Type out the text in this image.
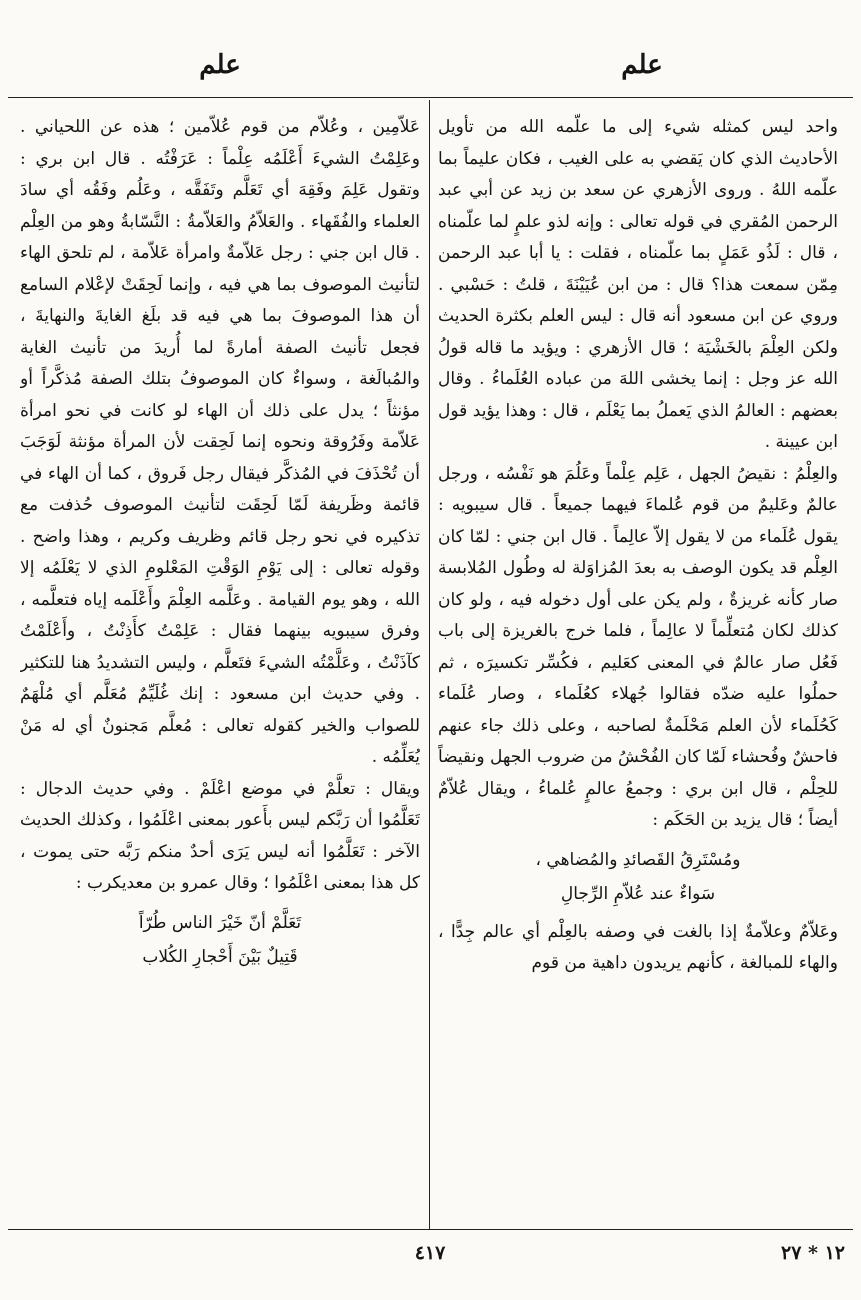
علم
علم

واحد ليس كمثله شيء إلى ما علّمه الله من تأويل الأحاديث الذي كان يَقضي به على الغيب ، فكان عليماً بما علّمه اللهُ . وروى الأزهري عن سعد بن زيد عن أبي عبد الرحمن المُقري في قوله تعالى : وإنه لذو علمٍ لما علّمناه ، قال : لَذُو عَمَلٍ بما علّمناه ، فقلت : يا أبا عبد الرحمن مِمّن سمعت هذا؟ قال : من ابن عُيَيْنَةَ ، قلتُ : حَسْبي . وروي عن ابن مسعود أنه قال : ليس العلم بكثرة الحديث ولكن العِلْمَ بالخَشْيَة ؛ قال الأزهري : ويؤيد ما قاله قولُ الله عز وجل : إنما يخشى اللهَ من عباده العُلَماءُ . وقال بعضهم : العالمُ الذي يَعملُ بما يَعْلَم ، قال : وهذا يؤيد قول ابن عيينة .

والعِلْمُ : نقيضُ الجهل ، عَلِم عِلْماً وعَلُمَ هو نَفْسُه ، ورجل عالمٌ وعَليمٌ من قوم عُلماءَ فيهما جميعاً . قال سيبويه : يقول عُلَماء من لا يقول إلاّ عالِماً . قال ابن جني : لمّا كان العِلْم قد يكون الوصف به بعدَ المُزاوَلة له وطُول المُلابسة صار كأنه غريزةٌ ، ولم يكن على أول دخوله فيه ، ولو كان كذلك لكان مُتعلِّماً لا عالِماً ، فلما خرج بالغريزة إلى باب فَعُل صار عالمٌ في المعنى كعَليم ، فكُسِّر تكسيرَه ، ثم حملُوا عليه ضدّه فقالوا جُهلاء كعُلَماء ، وصار عُلَماء كَحُلَماء لأن العلم مَحْلَمةٌ لصاحبه ، وعلى ذلك جاء عنهم فاحشٌ وفُحشاء لَمّا كان الفُحْشُ من ضروب الجهل ونقيضاً للحِلْم ، قال ابن بري : وجمعُ عالمٍ عُلماءُ ، ويقال عُلاّمٌ أيضاً ؛ قال يزيد بن الحَكَم :

ومُسْتَرِقُ القَصائدِ والمُضاهي ،
سَواءٌ عند عُلاّمِ الرِّجالِ

وعَلاّمٌ وعلاّمةٌ إذا بالغت في وصفه بالعِلْم أي عالم جِدًّا ، والهاء للمبالغة ، كأنهم يريدون داهية من قوم

عَلاّمِين ، وعُلاّم من قوم عُلاّمين ؛ هذه عن اللحياني . وعَلِمْتُ الشيءَ أَعْلَمُه عِلْماً : عَرَفْتُه . قال ابن بري : وتقول عَلِمَ وفَقِهَ أي تَعَلَّم وتَفَقَّه ، وعَلُم وفَقُه أي سادَ العلماء والفُقَهاء . والعَلاّمُ والعَلاّمةُ : النَّسّابةُ وهو من العِلْم . قال ابن جني : رجل عَلاّمةٌ وامرأة عَلاّمة ، لم تلحق الهاء لتأنيث الموصوف بما هي فيه ، وإنما لَحِقَتْ لإعْلام السامع أن هذا الموصوفَ بما هي فيه قد بلَغ الغايةَ والنهايةَ ، فجعل تأنيث الصفة أمارةً لما أُريدَ من تأنيث الغاية والمُبالَغة ، وسواءٌ كان الموصوفُ بتلك الصفة مُذكَّراً أو مؤنثاً ؛ يدل على ذلك أن الهاء لو كانت في نحو امرأة عَلاّمة وفَرُوقة ونحوه إنما لَحِقت لأن المرأة مؤنثة لَوَجَبَ أن تُحْذَفَ في المُذكَّر فيقال رجل فَروق ، كما أن الهاء في قائمة وظَريفة لَمّا لَحِقَت لتأنيث الموصوف حُذفت مع تذكيره في نحو رجل قائم وظريف وكريم ، وهذا واضح . وقوله تعالى : إلى يَوْمِ الوَقْتِ المَعْلومِ الذي لا يَعْلَمُه إلا الله ، وهو يوم القيامة . وعَلَّمه العِلْمَ وأَعْلَمه إياه فتعلَّمه ، وفرق سيبويه بينهما فقال : عَلِمْتُ كأَذِنْتُ ، وأَعْلَمْتُ كآذَنْتُ ، وعَلَّمْتُه الشيءَ فتَعلَّم ، وليس التشديدُ هنا للتكثير . وفي حديث ابن مسعود : إنك غُلَيِّمٌ مُعَلَّم أي مُلْهَمٌ للصواب والخير كقوله تعالى : مُعلَّم مَجنونٌ أي له مَنْ يُعَلِّمُه .

ويقال : تعلَّمْ في موضع اعْلَمْ . وفي حديث الدجال : تَعَلَّمُوا أن رَبَّكم ليس بأَعور بمعنى اعْلَمُوا ، وكذلك الحديث الآخر : تَعَلَّمُوا أنه ليس يَرَى أحدٌ منكم رَبَّه حتى يموت ، كل هذا بمعنى اعْلَمُوا ؛ وقال عمرو بن معديكرب :

تَعَلَّمْ أنّ خَيْرَ الناس طُرّاً
قَتِيلٌ بَيْنَ أَحْجارِ الكُلاب
٤١٧	١٢ * ٢٧
